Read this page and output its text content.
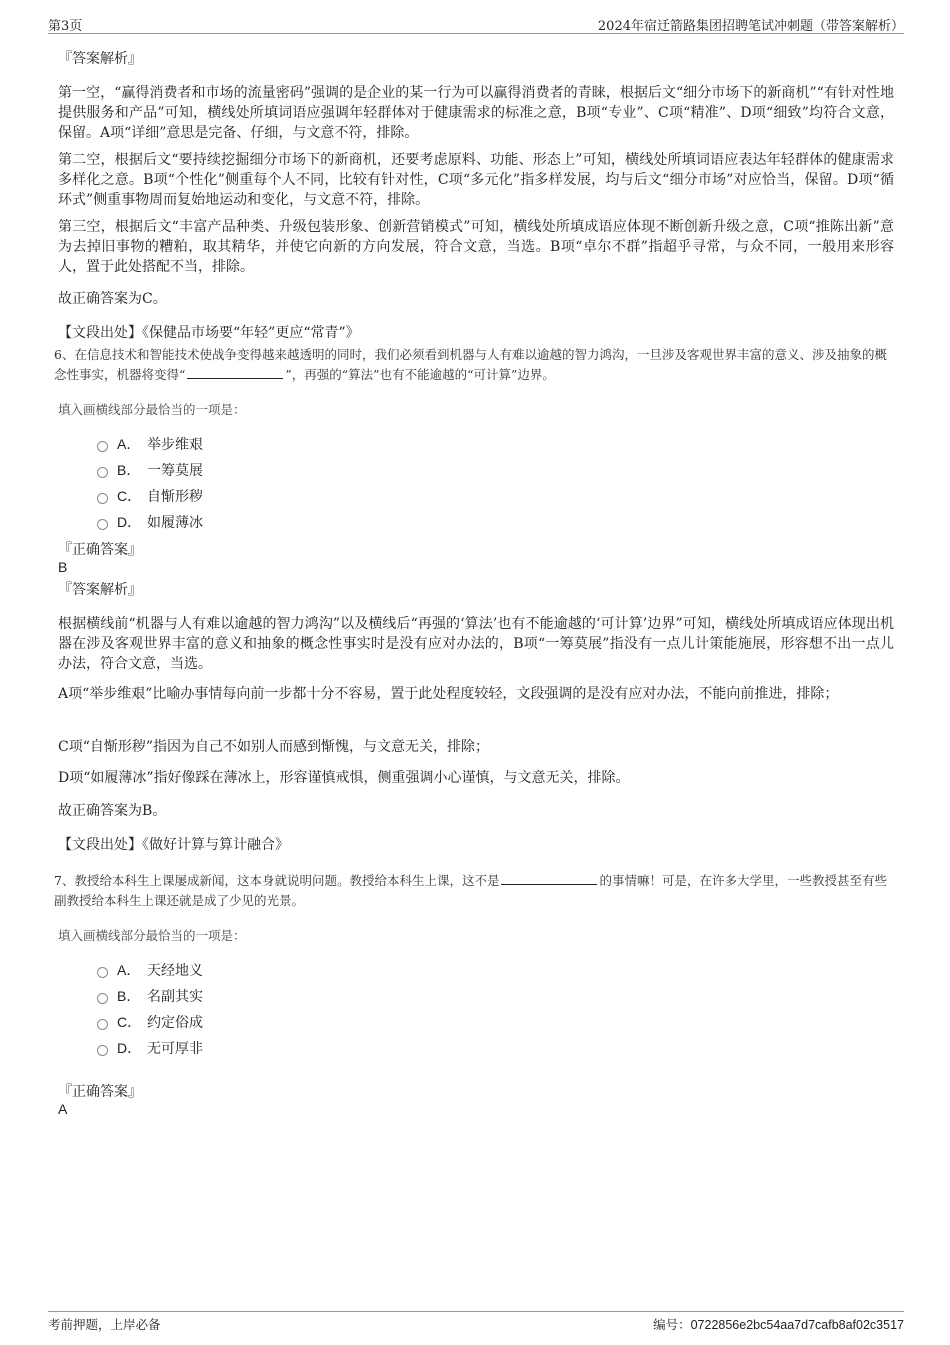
第3页	2024年宿迁箭路集团招聘笔试冲刺题（带答案解析）
『答案解析』
第一空，“赢得消费者和市场的流量密码”强调的是企业的某一行为可以赢得消费者的青睐，根据后文“细分市场下的新商机”“有针对性地提供服务和产品”可知，横线处所填词语应强调年轻群体对于健康需求的标准之意，B项“专业”、C项“精准”、D项“细致”均符合文意，保留。A项“详细”意思是完备、仔细，与文意不符，排除。
第二空，根据后文“要持续挖掘细分市场下的新商机，还要考虑原料、功能、形态上”可知，横线处所填词语应表达年轻群体的健康需求多样化之意。B项“个性化”侧重每个人不同，比较有针对性，C项“多元化”指多样发展，均与后文“细分市场”对应恰当，保留。D项“循环式”侧重事物周而复始地运动和变化，与文意不符，排除。
第三空，根据后文“丰富产品种类、升级包装形象、创新营销模式”可知，横线处所填成语应体现不断创新升级之意，C项“推陈出新”意为去掉旧事物的糟粕，取其精华，并使它向新的方向发展，符合文意，当选。B项“卓尔不群”指超乎寻常，与众不同，一般用来形容人，置于此处搭配不当，排除。
故正确答案为C。
【文段出处】《保健品市场要“年轻”更应“常青”》
6、在信息技术和智能技术使战争变得越来越透明的同时，我们必须看到机器与人有难以逾越的智力鸿沟，一旦涉及客观世界丰富的意义、涉及抽象的概念性事实，机器将变得“	”，再强的“算法”也有不能逾越的“可计算”边界。
填入画横线部分最恰当的一项是：
A． 举步维艰
B． 一筹莫展
C． 自惭形秽
D． 如履薄冰
『正确答案』
B
『答案解析』
根据横线前“机器与人有难以逾越的智力鸿沟”以及横线后“再强的‘算法’也有不能逾越的‘可计算’边界”可知，横线处所填成语应体现出机器在涉及客观世界丰富的意义和抽象的概念性事实时是没有应对办法的，B项“一筹莫展”指没有一点儿计策能施展，形容想不出一点儿办法，符合文意，当选。
A项“举步维艰”比喻办事情每向前一步都十分不容易，置于此处程度较轻，文段强调的是没有应对办法，不能向前推进，排除；
C项“自惭形秽”指因为自己不如别人而感到惭愧，与文意无关，排除；
D项“如履薄冰”指好像踩在薄冰上，形容谨慎戒惧，侧重强调小心谨慎，与文意无关，排除。
故正确答案为B。
【文段出处】《做好计算与算计融合》
7、教授给本科生上课屡成新闻，这本身就说明问题。教授给本科生上课，这不是	的事情嘛！可是，在许多大学里，一些教授甚至有些副教授给本科生上课还就是成了少见的光景。
填入画横线部分最恰当的一项是：
A． 天经地义
B． 名副其实
C． 约定俗成
D． 无可厚非
『正确答案』
A
考前押题，上岸必备	编号：0722856e2bc54aa7d7cafb8af02c3517
